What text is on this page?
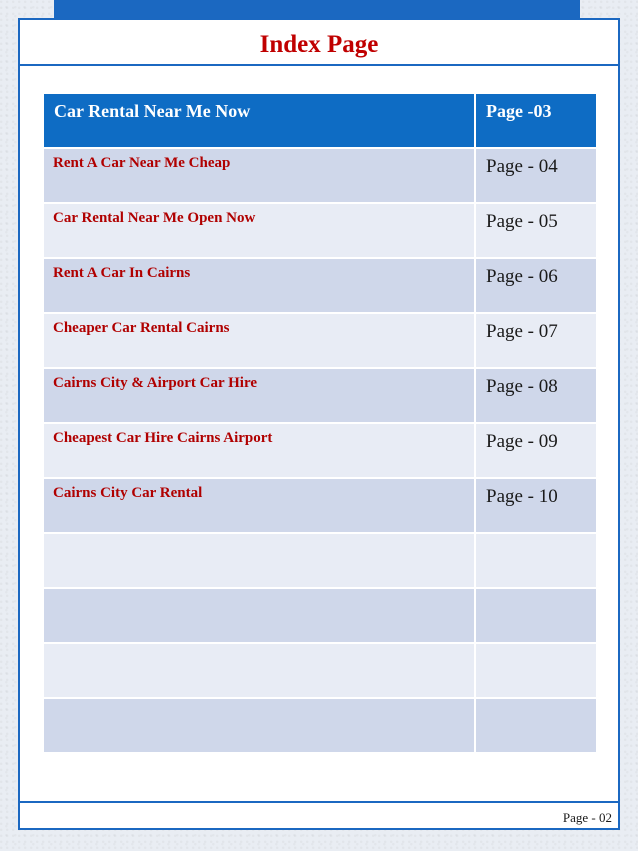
Index Page
Car Rental Near Me Now	Page -03
Rent A Car Near Me Cheap	Page - 04
Car Rental Near Me Open Now	Page - 05
Rent A Car In Cairns	Page - 06
Cheaper Car Rental Cairns	Page - 07
Cairns City & Airport Car Hire	Page - 08
Cheapest Car Hire Cairns Airport	Page - 09
Cairns City Car Rental	Page - 10

Page - 02
